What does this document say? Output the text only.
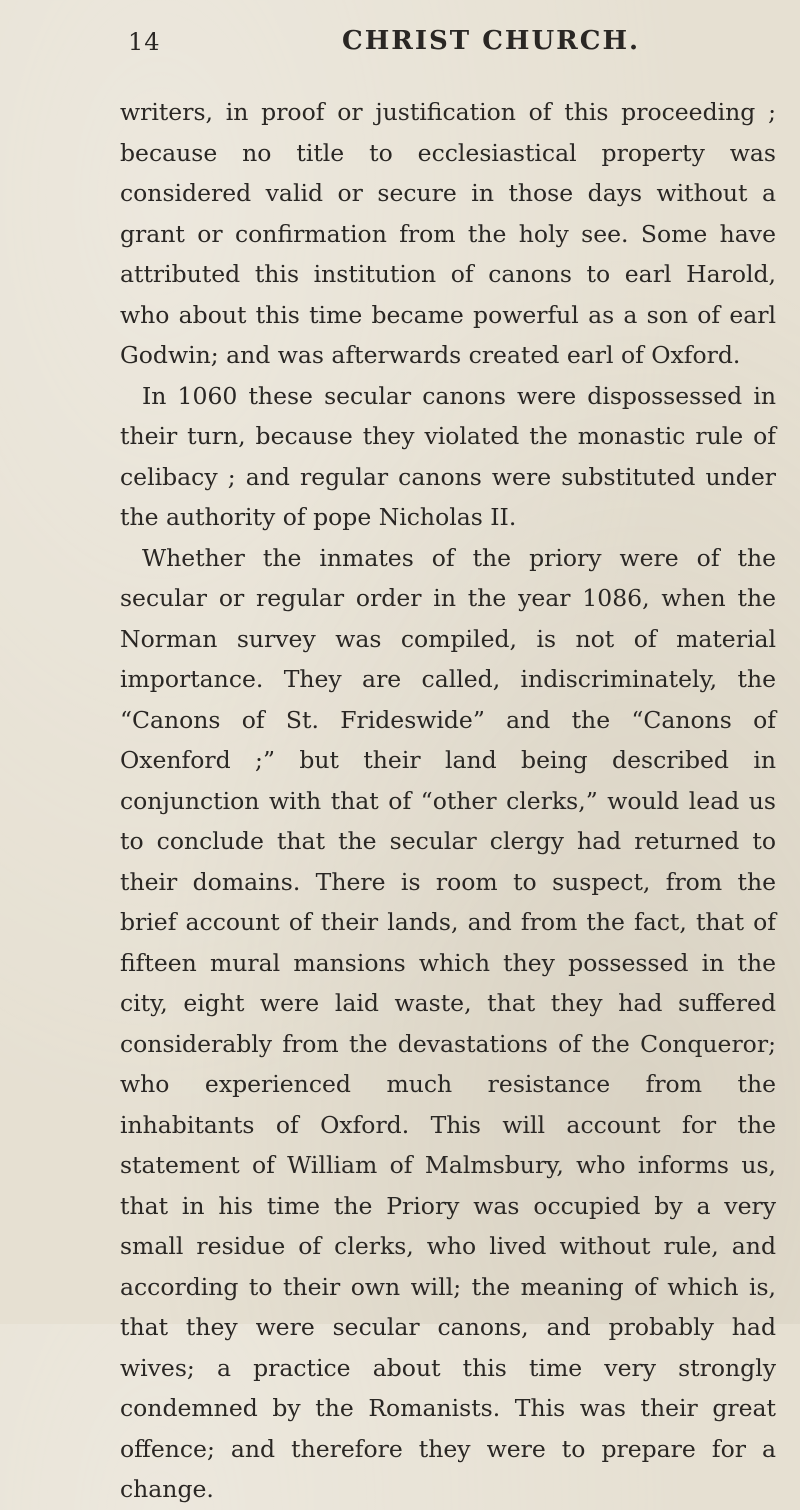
14	CHRIST CHURCH.

writers, in proof or justification of this proceeding ; because no title to ecclesiastical property was considered valid or secure in those days without a grant or confirmation from the holy see. Some have attributed this institution of canons to earl Harold, who about this time became powerful as a son of earl Godwin; and was afterwards created earl of Oxford.

In 1060 these secular canons were dispossessed in their turn, because they violated the monastic rule of celibacy ; and regular canons were substituted under the authority of pope Nicholas II.

Whether the inmates of the priory were of the secular or regular order in the year 1086, when the Norman survey was compiled, is not of material importance. They are called, indiscriminately, the “Canons of St. Frideswide” and the “Canons of Oxenford ;” but their land being described in conjunction with that of “other clerks,” would lead us to conclude that the secular clergy had returned to their domains. There is room to suspect, from the brief account of their lands, and from the fact, that of fifteen mural mansions which they possessed in the city, eight were laid waste, that they had suffered considerably from the devastations of the Conqueror; who experienced much resistance from the inhabitants of Oxford. This will account for the statement of William of Malmsbury, who informs us, that in his time the Priory was occupied by a very small residue of clerks, who lived without rule, and according to their own will; the meaning of which is, that they were secular canons, and probably had wives; a practice about this time very strongly condemned by the Romanists. This was their great offence; and therefore they were to prepare for a change.
